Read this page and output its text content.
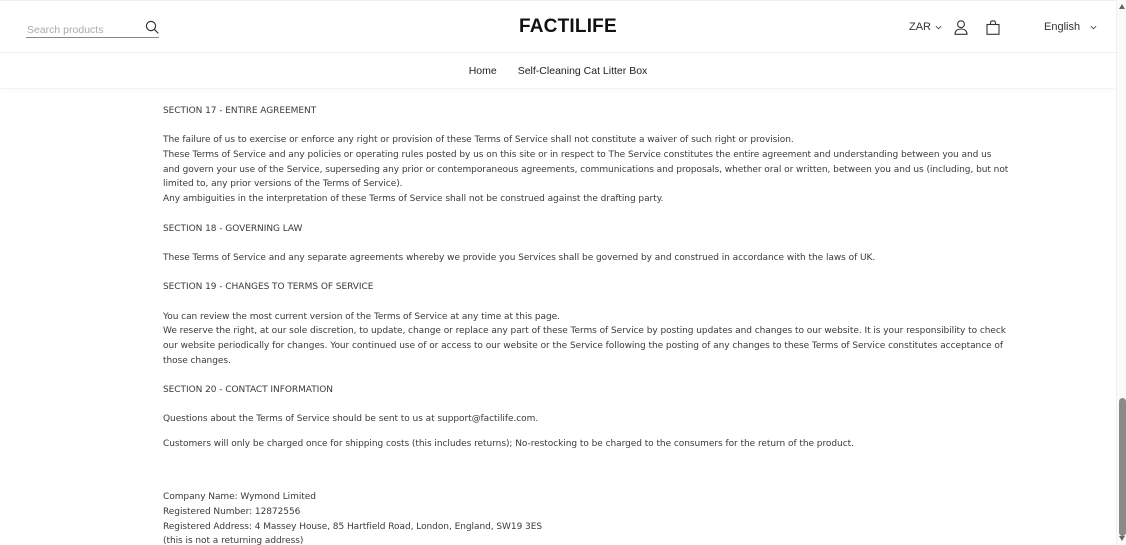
Search products
FACTILIFE	ZAR	English
Home Self-Cleaning Cat Litter Box
SECTION 17 - ENTIRE AGREEMENT
The failure of us to exercise or enforce any right or provision of these Terms of Service shall not constitute a waiver of such right or provision.
These Terms of Service and any policies or operating rules posted by us on this site or in respect to The Service constitutes the entire agreement and understanding between you and us
and govern your use of the Service, superseding any prior or contemporaneous agreements, communications and proposals, whether oral or written, between you and us (including, but not
limited to, any prior versions of the Terms of Service).
Any ambiguities in the interpretation of these Terms of Service shall not be construed against the drafting party.
SECTION 18 - GOVERNING LAW
These Terms of Service and any separate agreements whereby we provide you Services shall be governed by and construed in accordance with the laws of UK.
SECTION 19 - CHANGES TO TERMS OF SERVICE
You can review the most current version of the Terms of Service at any time at this page.
We reserve the right, at our sole discretion, to update, change or replace any part of these Terms of Service by posting updates and changes to our website. It is your responsibility to check
our website periodically for changes. Your continued use of or access to our website or the Service following the posting of any changes to these Terms of Service constitutes acceptance of
those changes.
SECTION 20 - CONTACT INFORMATION
Questions about the Terms of Service should be sent to us at support@factilife.com.
Customers will only be charged once for shipping costs (this includes returns); No-restocking to be charged to the consumers for the return of the product.
Company Name: Wymond Limited
Registered Number: 12872556
Registered Address: 4 Massey House, 85 Hartfield Road, London, England, SW19 3ES
(this is not a returning address)
